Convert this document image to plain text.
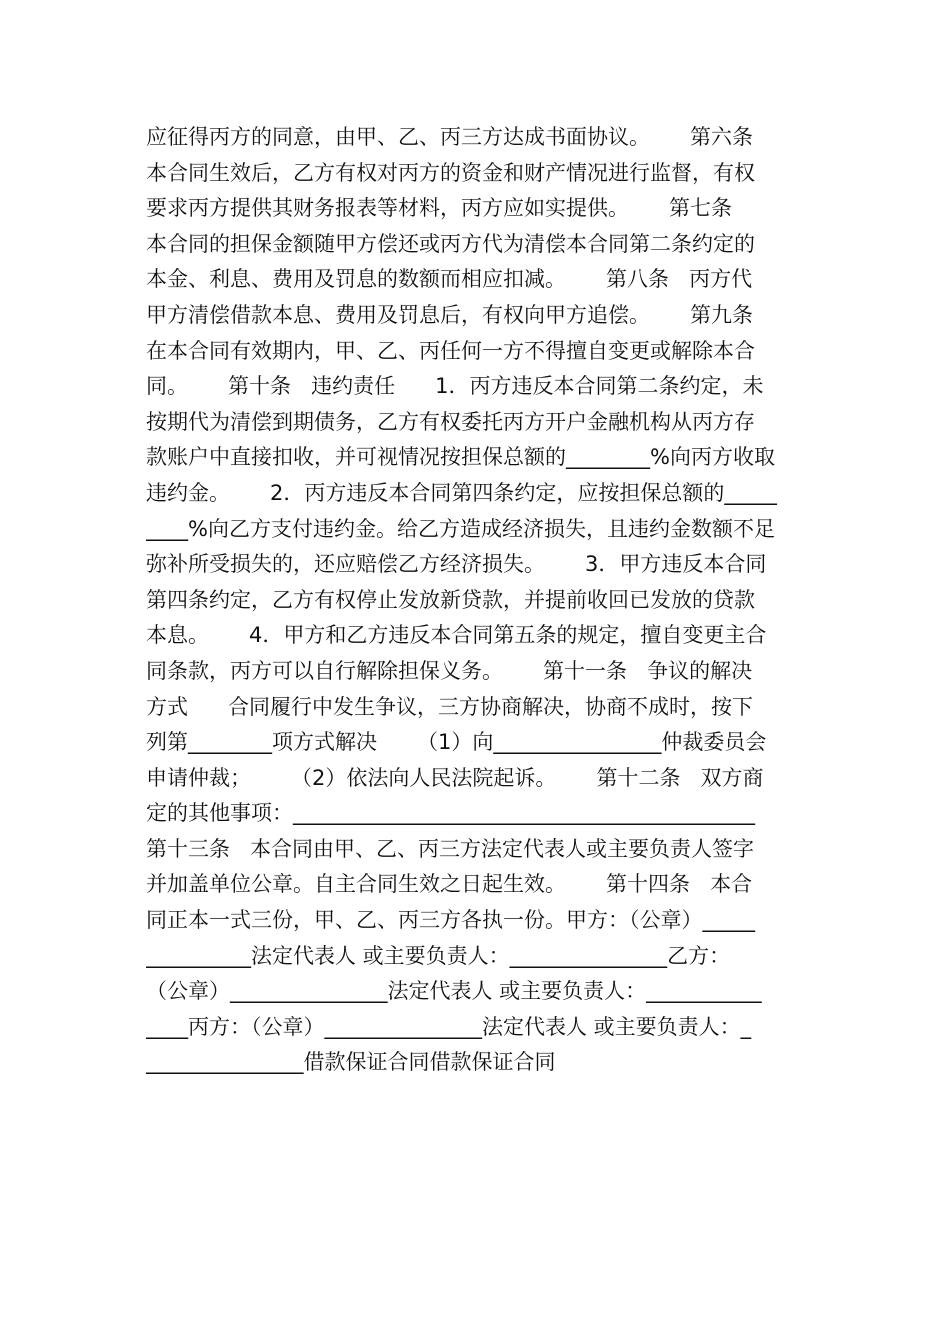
应征得丙方的同意，由甲、乙、丙三方达成书面协议。      第六条
本合同生效后，乙方有权对丙方的资金和财产情况进行监督，有权
要求丙方提供其财务报表等材料，丙方应如实提供。      第七条
本合同的担保金额随甲方偿还或丙方代为清偿本合同第二条约定的
本金、利息、费用及罚息的数额而相应扣减。      第八条   丙方代
甲方清偿借款本息、费用及罚息后，有权向甲方追偿。      第九条
在本合同有效期内，甲、乙、丙任何一方不得擅自变更或解除本合
同。      第十条   违约责任      1．丙方违反本合同第二条约定，未
按期代为清偿到期债务，乙方有权委托丙方开户金融机构从丙方存
款账户中直接扣收，并可视情况按担保总额的________%向丙方收取
违约金。      2．丙方违反本合同第四条约定，应按担保总额的_____
____%向乙方支付违约金。给乙方造成经济损失，且违约金数额不足
弥补所受损失的，还应赔偿乙方经济损失。      3．甲方违反本合同
第四条约定，乙方有权停止发放新贷款，并提前收回已发放的贷款
本息。      4．甲方和乙方违反本合同第五条的规定，擅自变更主合
同条款，丙方可以自行解除担保义务。      第十一条   争议的解决
方式      合同履行中发生争议，三方协商解决，协商不成时，按下
列第________项方式解决      （1）向________________仲裁委员会
申请仲裁；      （2）依法向人民法院起诉。      第十二条   双方商
定的其他事项：____________________________________________
第十三条   本合同由甲、乙、丙三方法定代表人或主要负责人签字
并加盖单位公章。自主合同生效之日起生效。      第十四条   本合
同正本一式三份，甲、乙、丙三方各执一份。甲方：（公章）_____
__________法定代表人 或主要负责人：_______________乙方：
（公章）_______________法定代表人 或主要负责人：___________
____丙方：（公章）_______________法定代表人 或主要负责人：_
_______________借款保证合同借款保证合同
